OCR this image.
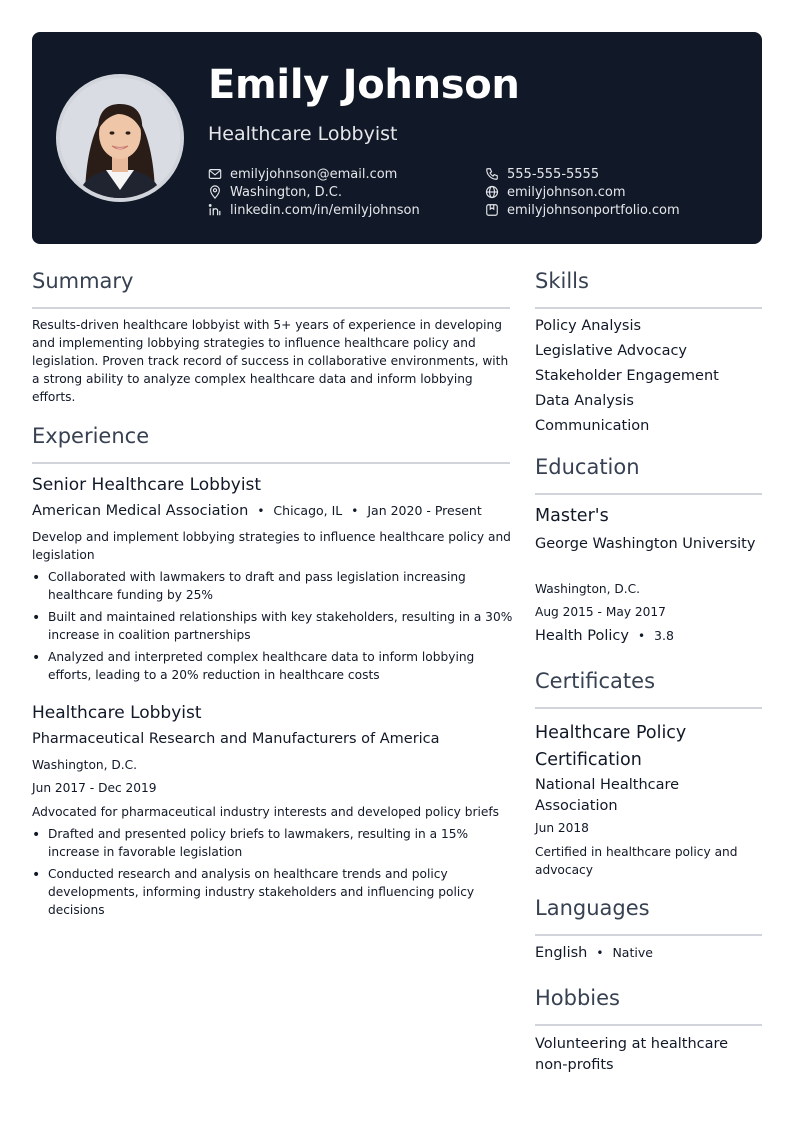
Emily Johnson
Healthcare Lobbyist
emilyjohnson@email.com	555-555-5555
Washington, D.C.	emilyjohnson.com
linkedin.com/in/emilyjohnson	emilyjohnsonportfolio.com
Summary
Results-driven healthcare lobbyist with 5+ years of experience in developing and implementing lobbying strategies to influence healthcare policy and legislation. Proven track record of success in collaborative environments, with a strong ability to analyze complex healthcare data and inform lobbying efforts.
Experience
Senior Healthcare Lobbyist
American Medical Association • Chicago, IL • Jan 2020 - Present
Develop and implement lobbying strategies to influence healthcare policy and legislation
• Collaborated with lawmakers to draft and pass legislation increasing healthcare funding by 25%
• Built and maintained relationships with key stakeholders, resulting in a 30% increase in coalition partnerships
• Analyzed and interpreted complex healthcare data to inform lobbying efforts, leading to a 20% reduction in healthcare costs
Healthcare Lobbyist
Pharmaceutical Research and Manufacturers of America
Washington, D.C.
Jun 2017 - Dec 2019
Advocated for pharmaceutical industry interests and developed policy briefs
• Drafted and presented policy briefs to lawmakers, resulting in a 15% increase in favorable legislation
• Conducted research and analysis on healthcare trends and policy developments, informing industry stakeholders and influencing policy decisions
Skills
Policy Analysis
Legislative Advocacy
Stakeholder Engagement
Data Analysis
Communication
Education
Master's
George Washington University
Washington, D.C.
Aug 2015 - May 2017
Health Policy • 3.8
Certificates
Healthcare Policy Certification
National Healthcare Association
Jun 2018
Certified in healthcare policy and advocacy
Languages
English • Native
Hobbies
Volunteering at healthcare non-profits
